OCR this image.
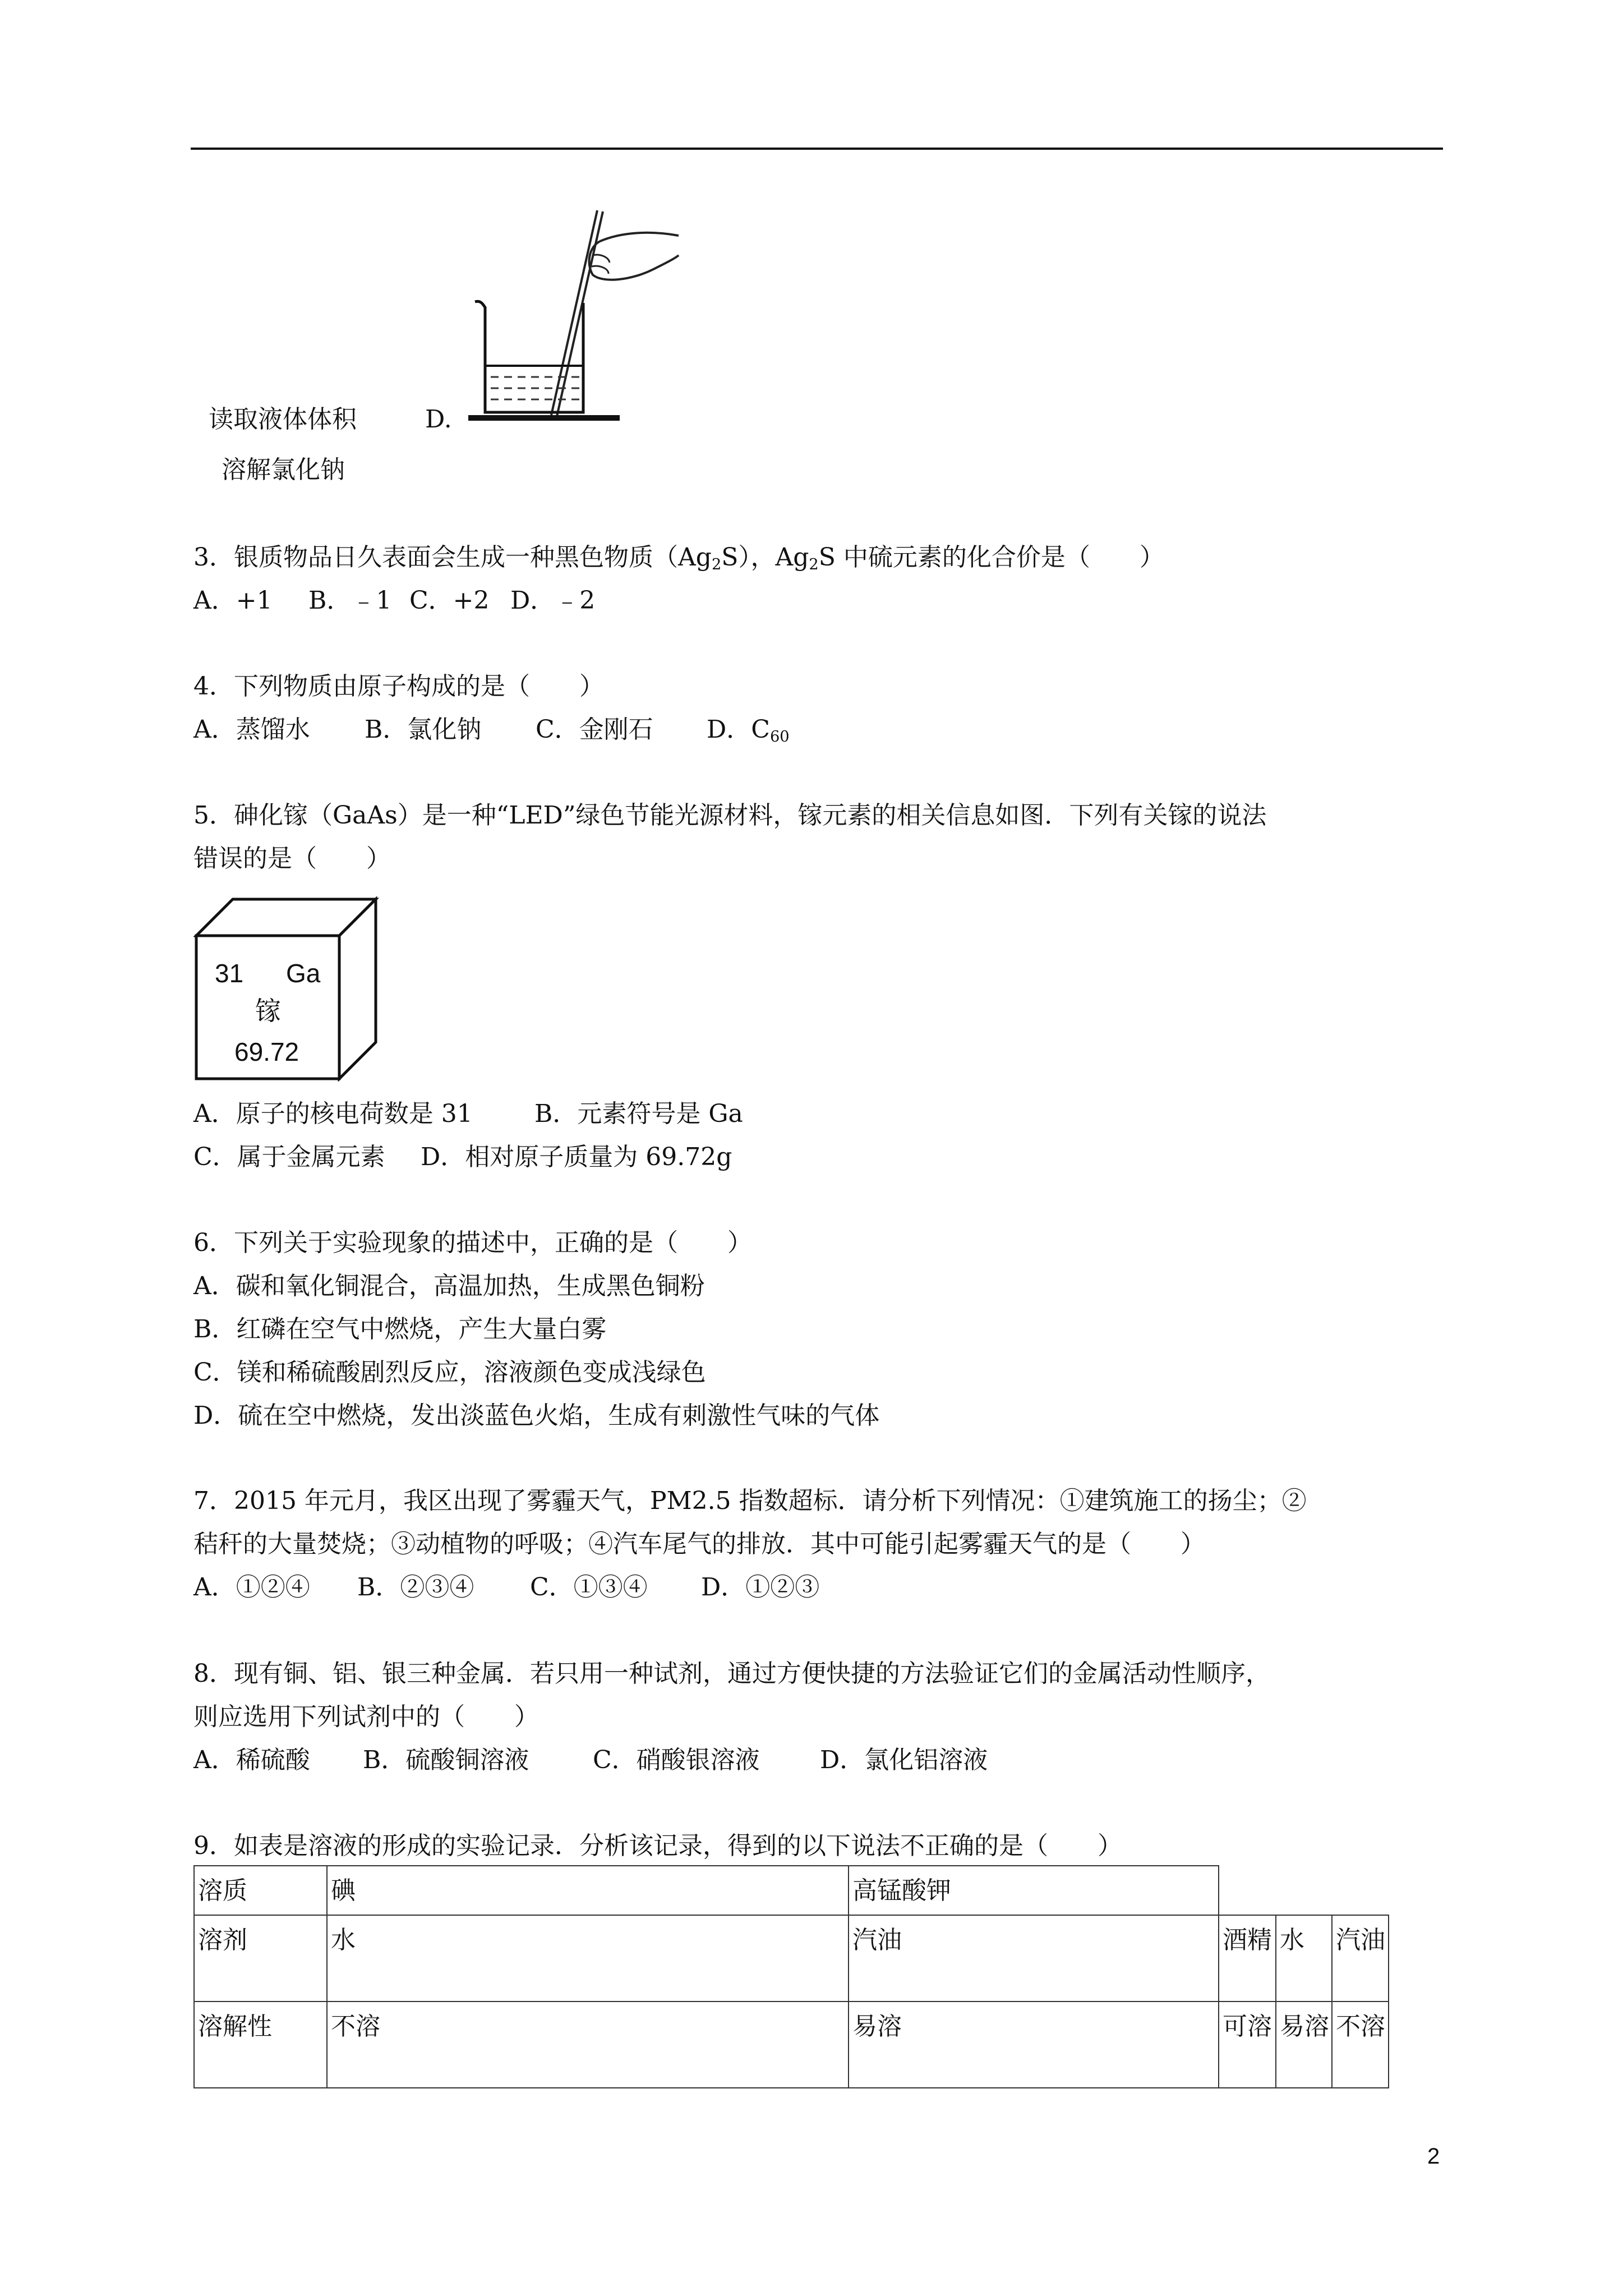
读取液体体积	D.
溶解氯化钠
3．银质物品日久表面会生成一种黑色物质$(Ag_2S)$，$Ag_2S$ 中硫元素的化合价是（　　）
A．+1 B．﹣1 C．+2 D．﹣2
4．下列物质由原子构成的是（　　）
A．蒸馏水 B．氯化钠 C．金刚石 D．$C_{60}$
5．砷化镓（GaAs）是一种“LED”绿色节能光源材料，镓元素的相关信息如图．下列有关镓的说法
错误的是（　　）
31 Ga
镓
69.72
A．原子的核电荷数是 31	B．元素符号是 Ga
C．属于金属元素 D．相对原子质量为 69.72g
6．下列关于实验现象的描述中，正确的是（　　）
A．碳和氧化铜混合，高温加热，生成黑色铜粉
B．红磷在空气中燃烧，产生大量白雾
C．镁和稀硫酸剧烈反应，溶液颜色变成浅绿色
D．硫在空中燃烧，发出淡蓝色火焰，生成有刺激性气味的气体
7．2015 年元月，我区出现了雾霾天气，PM2.5 指数超标．请分析下列情况：①建筑施工的扬尘；②
秸秆的大量焚烧；③动植物的呼吸；④汽车尾气的排放．其中可能引起雾霾天气的是（　　）
A．①②④ B．②③④ C．①③④ D．①②③
8．现有铜、铝、银三种金属．若只用一种试剂，通过方便快捷的方法验证它们的金属活动性顺序，
则应选用下列试剂中的（　　）
A．稀硫酸 B．硫酸铜溶液	C．硝酸银溶液 D．氯化铝溶液
9．如表是溶液的形成的实验记录．分析该记录，得到的以下说法不正确的是（　　）
溶质	碘	高锰酸钾			
溶剂	水	汽油	酒精	水	汽油
溶解性	不溶	易溶	可溶	易溶	不溶
2
